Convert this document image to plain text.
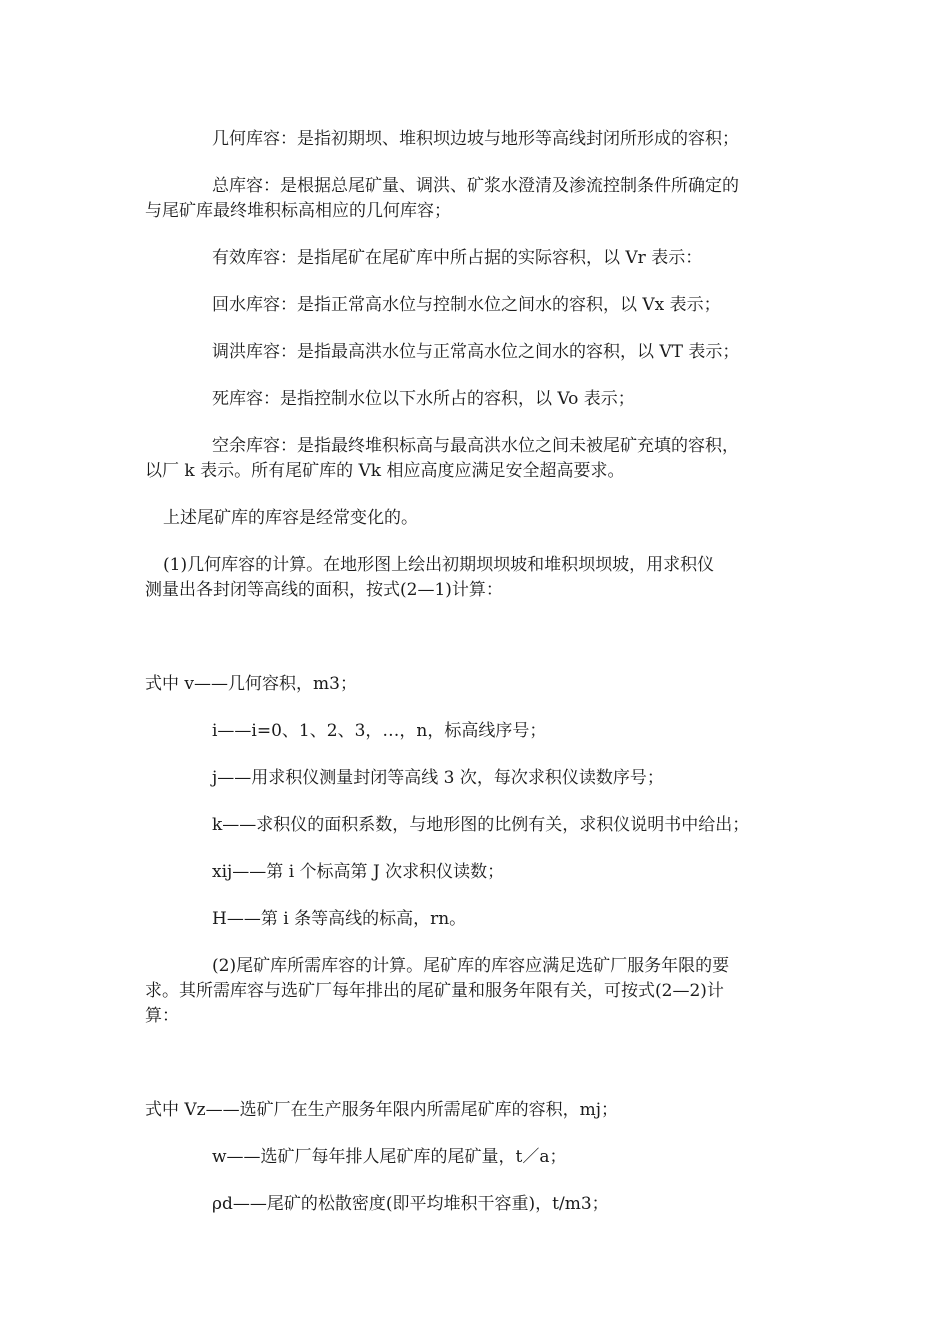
几何库容：是指初期坝、堆积坝边坡与地形等高线封闭所形成的容积；
总库容：是根据总尾矿量、调洪、矿浆水澄清及渗流控制条件所确定的
与尾矿库最终堆积标高相应的几何库容；
有效库容：是指尾矿在尾矿库中所占据的实际容积，以 Vr 表示：
回水库容：是指正常高水位与控制水位之间水的容积，以 Vx 表示；
调洪库容：是指最高洪水位与正常高水位之间水的容积，以 VT 表示；
死库容：是指控制水位以下水所占的容积，以 Vo 表示；
空余库容：是指最终堆积标高与最高洪水位之间未被尾矿充填的容积，
以厂 k 表示。所有尾矿库的 Vk 相应高度应满足安全超高要求。
上述尾矿库的库容是经常变化的。
(1)几何库容的计算。在地形图上绘出初期坝坝坡和堆积坝坝坡，用求积仪
测量出各封闭等高线的面积，按式(2—1)计算：
式中 v——几何容积，m3；
i——i=0、1、2、3，…，n，标高线序号；
j——用求积仪测量封闭等高线 3 次，每次求积仪读数序号；
k——求积仪的面积系数，与地形图的比例有关，求积仪说明书中给出；
xij——第 i 个标高第 J 次求积仪读数；
H——第 i 条等高线的标高，rn。
(2)尾矿库所需库容的计算。尾矿库的库容应满足选矿厂服务年限的要
求。其所需库容与选矿厂每年排出的尾矿量和服务年限有关，可按式(2—2)计
算：
式中 Vz——选矿厂在生产服务年限内所需尾矿库的容积，mj；
w——选矿厂每年排人尾矿库的尾矿量，t／a；
ρd——尾矿的松散密度(即平均堆积干容重)，t/m3；
